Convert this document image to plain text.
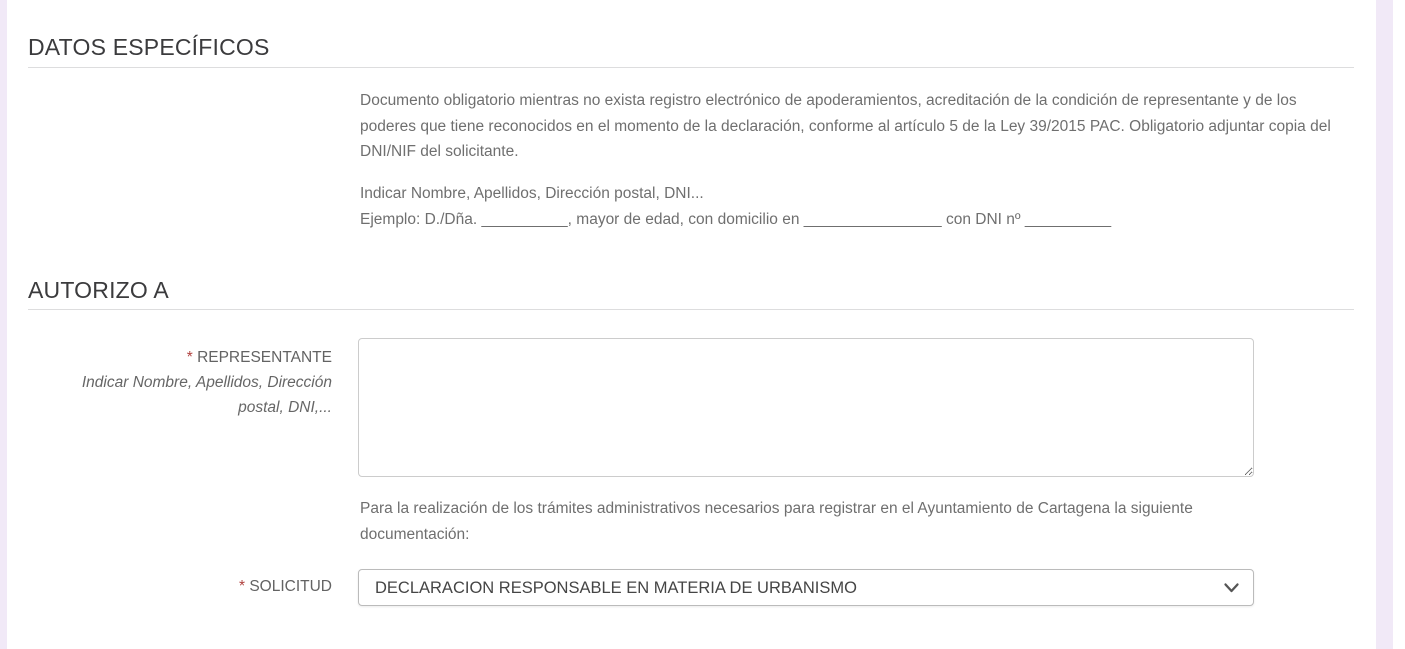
DATOS ESPECÍFICOS
Documento obligatorio mientras no exista registro electrónico de apoderamientos, acreditación de la condición de representante y de los poderes que tiene reconocidos en el momento de la declaración, conforme al artículo 5 de la Ley 39/2015 PAC. Obligatorio adjuntar copia del DNI/NIF del solicitante.
Indicar Nombre, Apellidos, Dirección postal, DNI...
Ejemplo: D./Dña. __________, mayor de edad, con domicilio en ________________ con DNI nº __________
AUTORIZO A
* REPRESENTANTE
Indicar Nombre, Apellidos, Dirección
postal, DNI,...
Para la realización de los trámites administrativos necesarios para registrar en el Ayuntamiento de Cartagena la siguiente documentación:
* SOLICITUD
DECLARACION RESPONSABLE EN MATERIA DE URBANISMO
